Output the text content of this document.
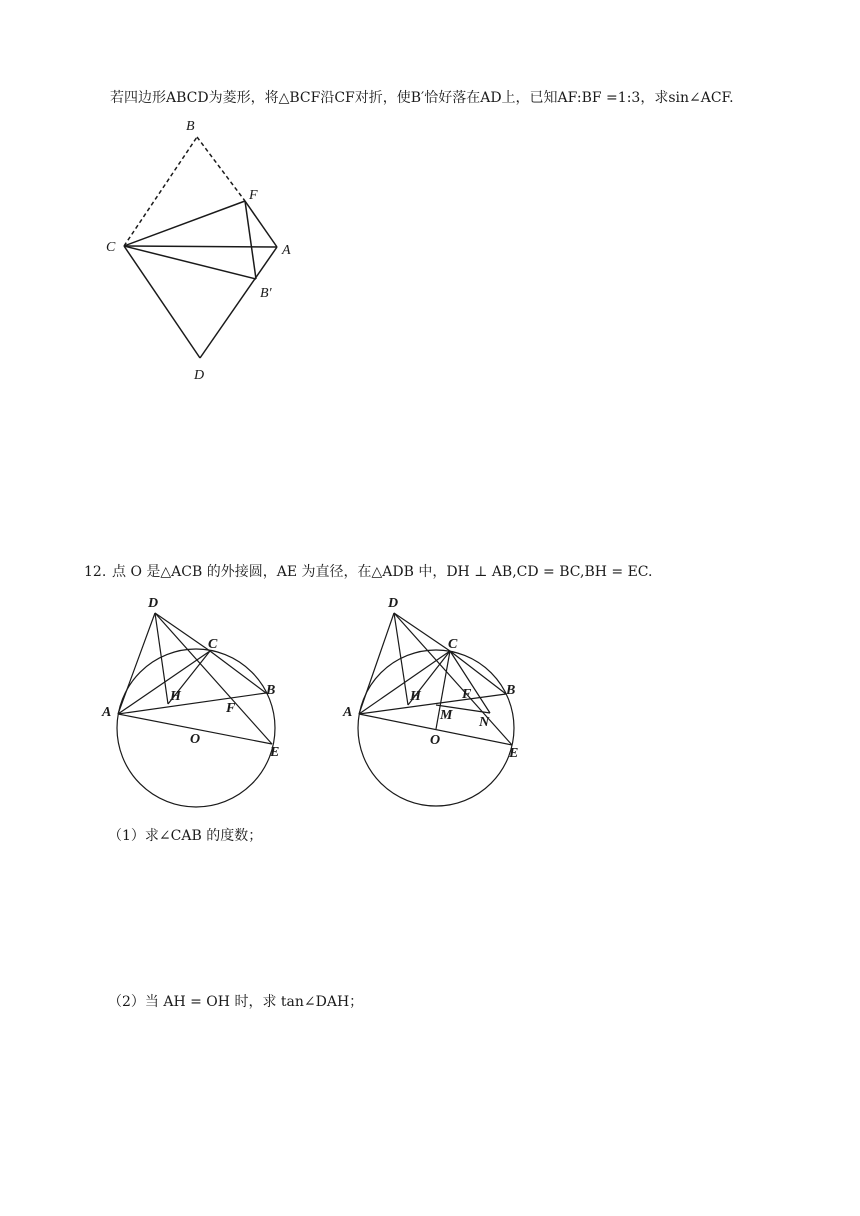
若四边形ABCD为菱形，将△BCF沿CF对折，使B′恰好落在AD上，已知AF:BF =1:3，求sin∠ACF.
B
F
C	A
B′
D
12. 点 O 是△ACB 的外接圆，AE 为直径，在△ADB 中，DH ⊥ AB,CD = BC,BH = EC.
D
C
B
A
H
F
O
E
D
C
B
A
H	F
M N
O
E
（1）求∠CAB 的度数；
（2）当 AH = OH 时，求 tan∠DAH；
